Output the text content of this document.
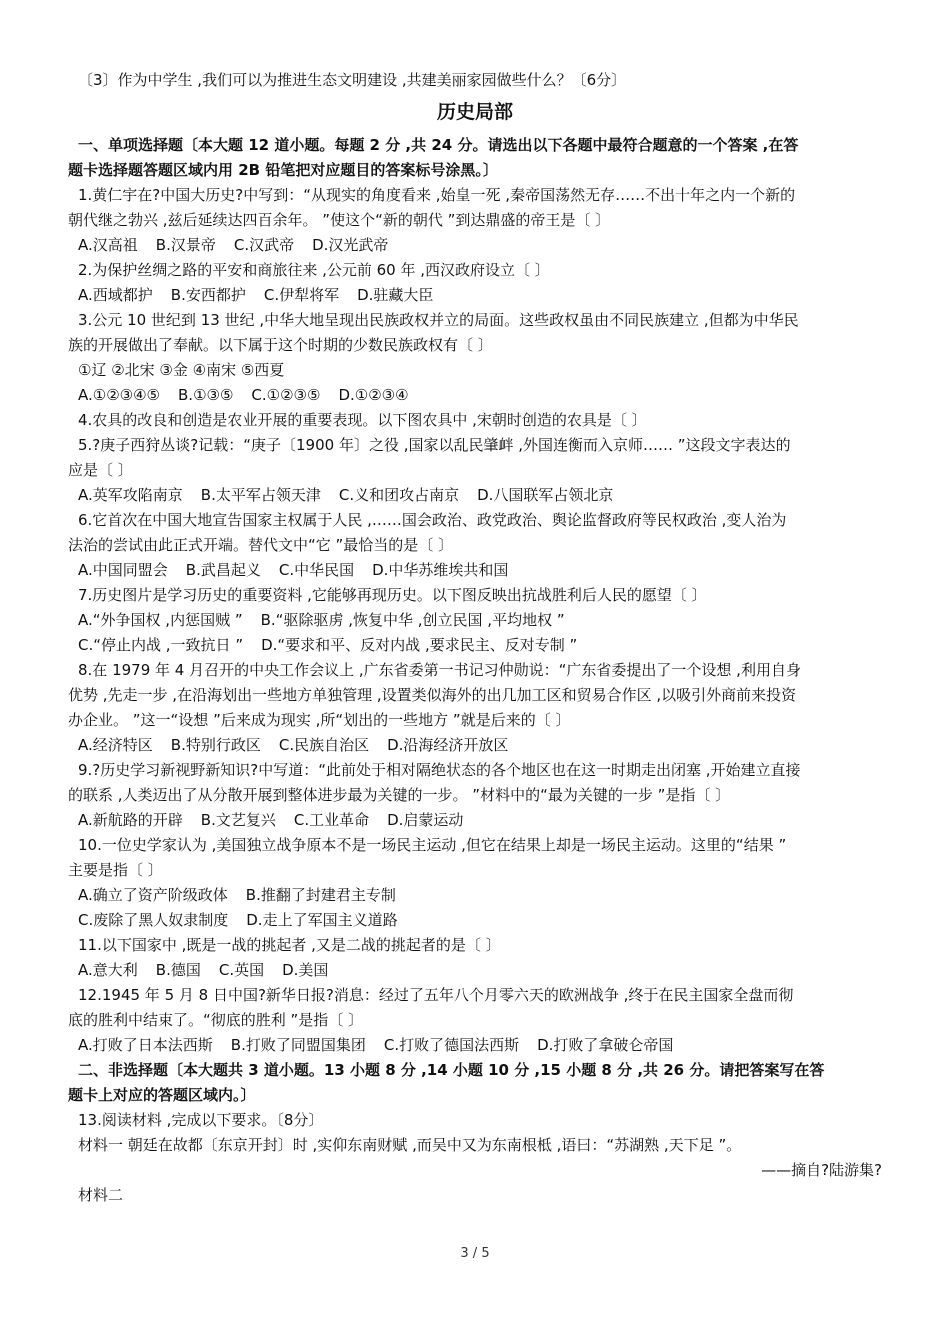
〔3〕作为中学生 ,我们可以为推进生态文明建设 ,共建美丽家园做些什么？〔6分〕
历史局部
一、单项选择题〔本大题 12 道小题。每题 2 分 ,共 24 分。请选出以下各题中最符合题意的一个答案 ,在答
题卡选择题答题区域内用 2B 铅笔把对应题目的答案标号涂黑。〕
1.黄仁宇在?中国大历史?中写到：“从现实的角度看来 ,始皇一死 ,秦帝国荡然无存……不出十年之内一个新的
朝代继之勃兴 ,兹后延续达四百余年。 ”使这个“新的朝代 ”到达鼎盛的帝王是〔 〕
A.汉高祖 B.汉景帝 C.汉武帝 D.汉光武帝
2.为保护丝绸之路的平安和商旅往来 ,公元前 60 年 ,西汉政府设立〔 〕
A.西域都护 B.安西都护 C.伊犁将军 D.驻藏大臣
3.公元 10 世纪到 13 世纪 ,中华大地呈现出民族政权并立的局面。这些政权虽由不同民族建立 ,但都为中华民
族的开展做出了奉献。以下属于这个时期的少数民族政权有〔 〕
①辽 ②北宋 ③金 ④南宋 ⑤西夏
A.①②③④⑤ B.①③⑤ C.①②③⑤ D.①②③④
4.农具的改良和创造是农业开展的重要表现。以下图农具中 ,宋朝时创造的农具是〔 〕
5.?庚子西狩丛谈?记载：“庚子〔1900 年〕之役 ,国家以乱民肇衅 ,外国连衡而入京师…… ”这段文字表达的
应是〔 〕
A.英军攻陷南京 B.太平军占领天津 C.义和团攻占南京 D.八国联军占领北京
6.它首次在中国大地宣告国家主权属于人民 ,……国会政治、政党政治、舆论监督政府等民权政治 ,变人治为
法治的尝试由此正式开端。替代文中“它 ”最恰当的是〔 〕
A.中国同盟会 B.武昌起义 C.中华民国 D.中华苏维埃共和国
7.历史图片是学习历史的重要资料 ,它能够再现历史。以下图反映出抗战胜利后人民的愿望〔 〕
A.“外争国权 ,内惩国贼 ” B.“驱除驱虏 ,恢复中华 ,创立民国 ,平均地权 ”
C.“停止内战 ,一致抗日 ” D.“要求和平、反对内战 ,要求民主、反对专制 ”
8.在 1979 年 4 月召开的中央工作会议上 ,广东省委第一书记习仲勋说：“广东省委提出了一个设想 ,利用自身
优势 ,先走一步 ,在沿海划出一些地方单独管理 ,设置类似海外的出几加工区和贸易合作区 ,以吸引外商前来投资
办企业。 ”这一“设想 ”后来成为现实 ,所“划出的一些地方 ”就是后来的〔 〕
A.经济特区 B.特别行政区 C.民族自治区 D.沿海经济开放区
9.?历史学习新视野新知识?中写道：“此前处于相对隔绝状态的各个地区也在这一时期走出闭塞 ,开始建立直接
的联系 ,人类迈出了从分散开展到整体进步最为关键的一步。 ”材料中的“最为关键的一步 ”是指〔 〕
A.新航路的开辟 B.文艺复兴 C.工业革命 D.启蒙运动
10.一位史学家认为 ,美国独立战争原本不是一场民主运动 ,但它在结果上却是一场民主运动。这里的“结果 ”
主要是指〔 〕
A.确立了资产阶级政体 B.推翻了封建君主专制
C.废除了黑人奴隶制度 D.走上了军国主义道路
11.以下国家中 ,既是一战的挑起者 ,又是二战的挑起者的是〔 〕
A.意大利 B.德国 C.英国 D.美国
12.1945 年 5 月 8 日中国?新华日报?消息：经过了五年八个月零六天的欧洲战争 ,终于在民主国家全盘而彻
底的胜利中结束了。“彻底的胜利 ”是指〔 〕
A.打败了日本法西斯 B.打败了同盟国集团 C.打败了德国法西斯 D.打败了拿破仑帝国
二、非选择题〔本大题共 3 道小题。13 小题 8 分 ,14 小题 10 分 ,15 小题 8 分 ,共 26 分。请把答案写在答
题卡上对应的答题区域内。〕
13.阅读材料 ,完成以下要求。〔8分〕
材料一 朝廷在故都〔东京开封〕时 ,实仰东南财赋 ,而吴中又为东南根柢 ,语曰：“苏湖熟 ,天下足 ”。
——摘自?陆游集?
材料二
3 / 5
